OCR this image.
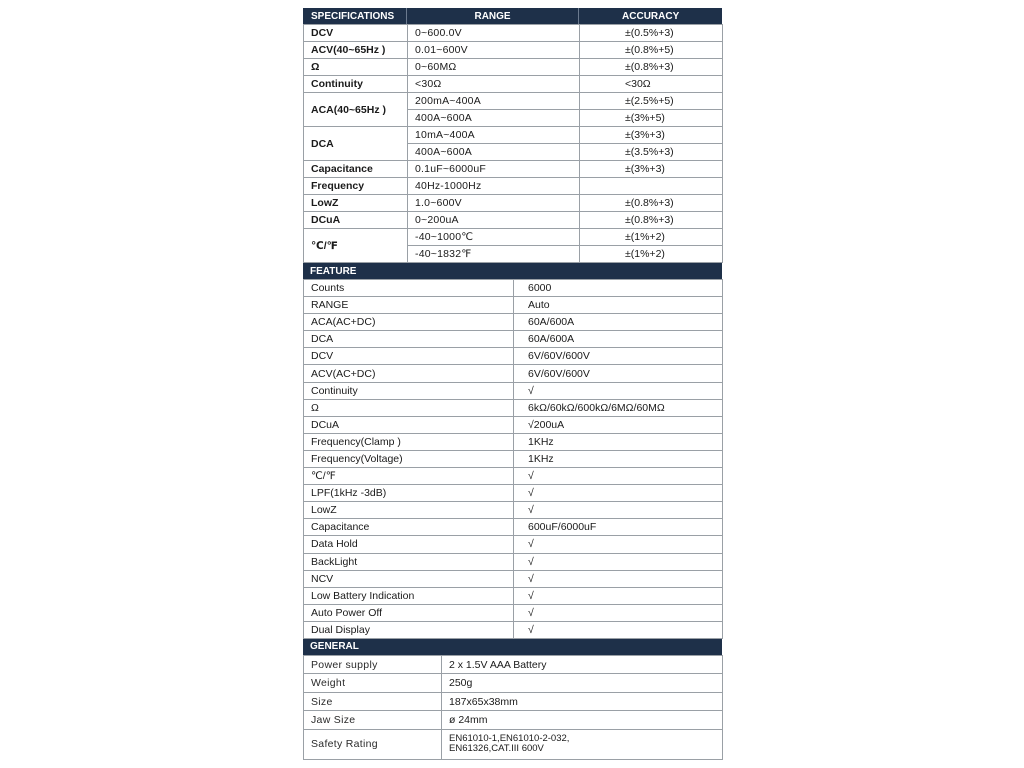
SPECIFICATIONS	RANGE	ACCURACY
DCV	0~600.0V	±(0.5%+3)
ACV(40~65Hz )	0.01~600V	±(0.8%+5)
Ω	0~60MΩ	±(0.8%+3)
Continuity	<30Ω	<30Ω
ACA(40~65Hz )	200mA~400A	±(2.5%+5)
	400A~600A	±(3%+5)
DCA	10mA~400A	±(3%+3)
	400A~600A	±(3.5%+3)
Capacitance	0.1uF~6000uF	±(3%+3)
Frequency	40Hz-1000Hz	
LowZ	1.0~600V	±(0.8%+3)
DCuA	0~200uA	±(0.8%+3)
℃/℉	-40~1000℃	±(1%+2)
	-40~1832℉	±(1%+2)
FEATURE
Counts	6000
RANGE	Auto
ACA(AC+DC)	60A/600A
DCA	60A/600A
DCV	6V/60V/600V
ACV(AC+DC)	6V/60V/600V
Continuity	√
Ω	6kΩ/60kΩ/600kΩ/6MΩ/60MΩ
DCuA	√200uA
Frequency(Clamp )	1KHz
Frequency(Voltage)	1KHz
℃/℉	√
LPF(1kHz -3dB)	√
LowZ	√
Capacitance	600uF/6000uF
Data Hold	√
BackLight	√
NCV	√
Low Battery Indication	√
Auto Power Off	√
Dual Display	√
GENERAL
Power supply	2 x 1.5V AAA Battery
Weight	250g
Size	187x65x38mm
Jaw Size	ø 24mm
Safety Rating	EN61010-1,EN61010-2-032,
EN61326,CAT.III 600V
